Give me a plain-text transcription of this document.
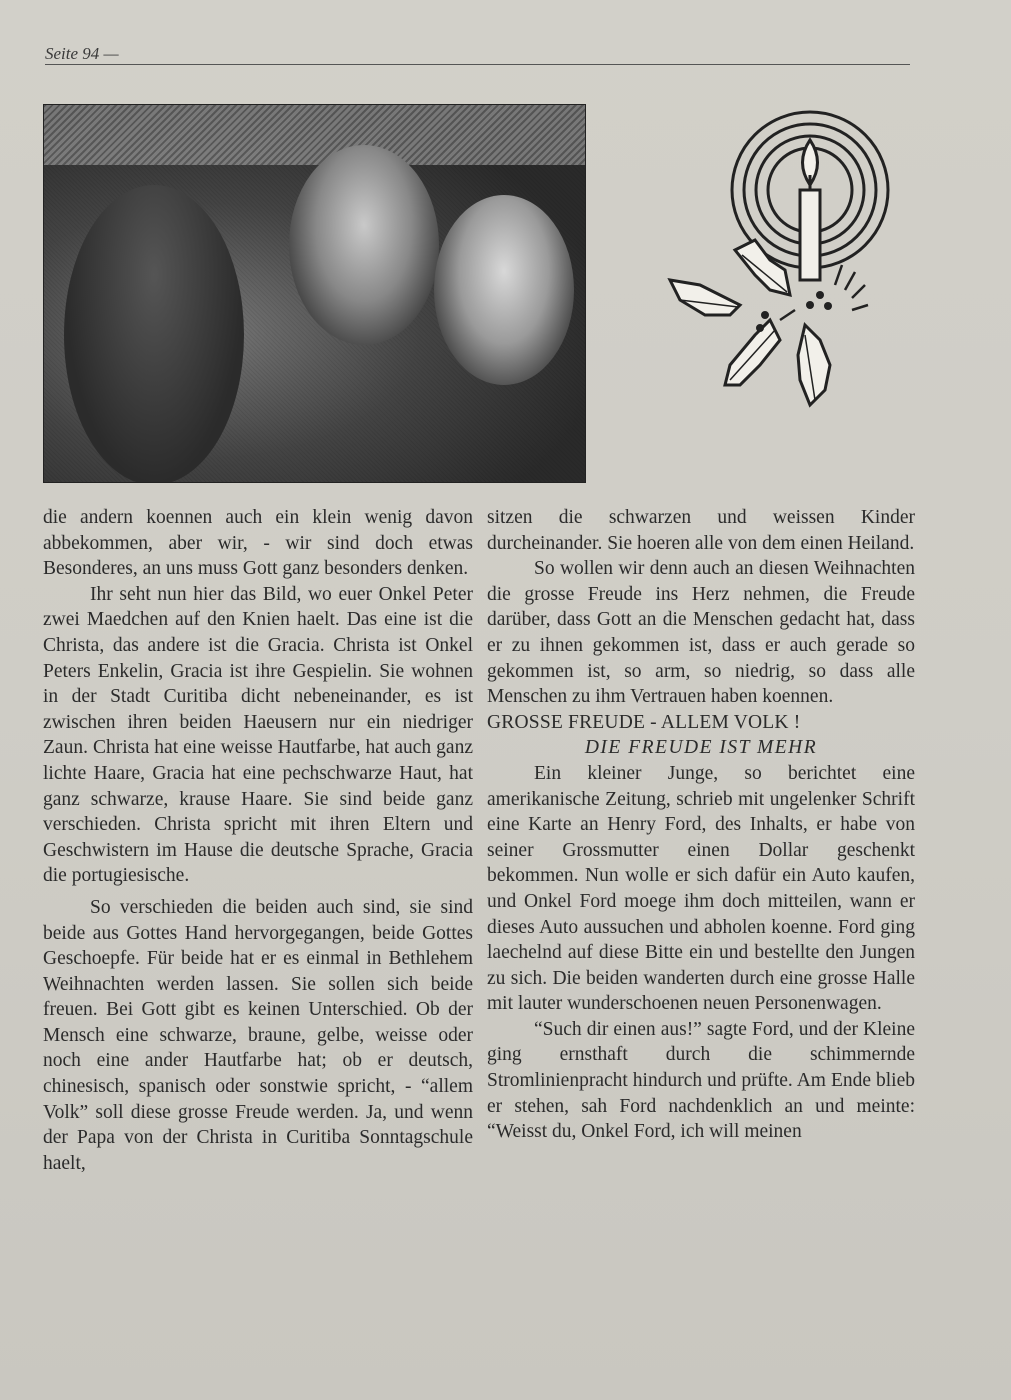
Seite 94 —

die andern koennen auch ein klein wenig davon abbekommen, aber wir, - wir sind doch etwas Besonderes, an uns muss Gott ganz besonders denken.

Ihr seht nun hier das Bild, wo euer Onkel Peter zwei Maedchen auf den Knien haelt. Das eine ist die Christa, das andere ist die Gracia. Christa ist Onkel Peters Enkelin, Gracia ist ihre Gespielin. Sie wohnen in der Stadt Curitiba dicht nebeneinander, es ist zwischen ihren beiden Haeusern nur ein niedriger Zaun. Christa hat eine weisse Hautfarbe, hat auch ganz lichte Haare, Gracia hat eine pechschwarze Haut, hat ganz schwarze, krause Haare. Sie sind beide ganz verschieden. Christa spricht mit ihren Eltern und Geschwistern im Hause die deutsche Sprache, Gracia die portugiesische.

So verschieden die beiden auch sind, sie sind beide aus Gottes Hand hervorgegangen, beide Gottes Geschoepfe. Für beide hat er es einmal in Bethlehem Weihnachten werden lassen. Sie sollen sich beide freuen. Bei Gott gibt es keinen Unterschied. Ob der Mensch eine schwarze, braune, gelbe, weisse oder noch eine ander Hautfarbe hat; ob er deutsch, chinesisch, spanisch oder sonstwie spricht, - “allem Volk” soll diese grosse Freude werden. Ja, und wenn der Papa von der Christa in Curitiba Sonntagschule haelt,

sitzen die schwarzen und weissen Kinder durcheinander. Sie hoeren alle von dem einen Heiland.

So wollen wir denn auch an diesen Weihnachten die grosse Freude ins Herz nehmen, die Freude darüber, dass Gott an die Menschen gedacht hat, dass er zu ihnen gekommen ist, dass er auch gerade so gekommen ist, so arm, so niedrig, so dass alle Menschen zu ihm Vertrauen haben koennen.

GROSSE FREUDE - ALLEM VOLK !

DIE FREUDE IST MEHR

Ein kleiner Junge, so berichtet eine amerikanische Zeitung, schrieb mit ungelenker Schrift eine Karte an Henry Ford, des Inhalts, er habe von seiner Grossmutter einen Dollar geschenkt bekommen. Nun wolle er sich dafür ein Auto kaufen, und Onkel Ford moege ihm doch mitteilen, wann er dieses Auto aussuchen und abholen koenne. Ford ging laechelnd auf diese Bitte ein und bestellte den Jungen zu sich. Die beiden wanderten durch eine grosse Halle mit lauter wunderschoenen neuen Personenwagen.

“Such dir einen aus!” sagte Ford, und der Kleine ging ernsthaft durch die schimmernde Stromlinienpracht hindurch und prüfte. Am Ende blieb er stehen, sah Ford nachdenklich an und meinte: “Weisst du, Onkel Ford, ich will meinen
